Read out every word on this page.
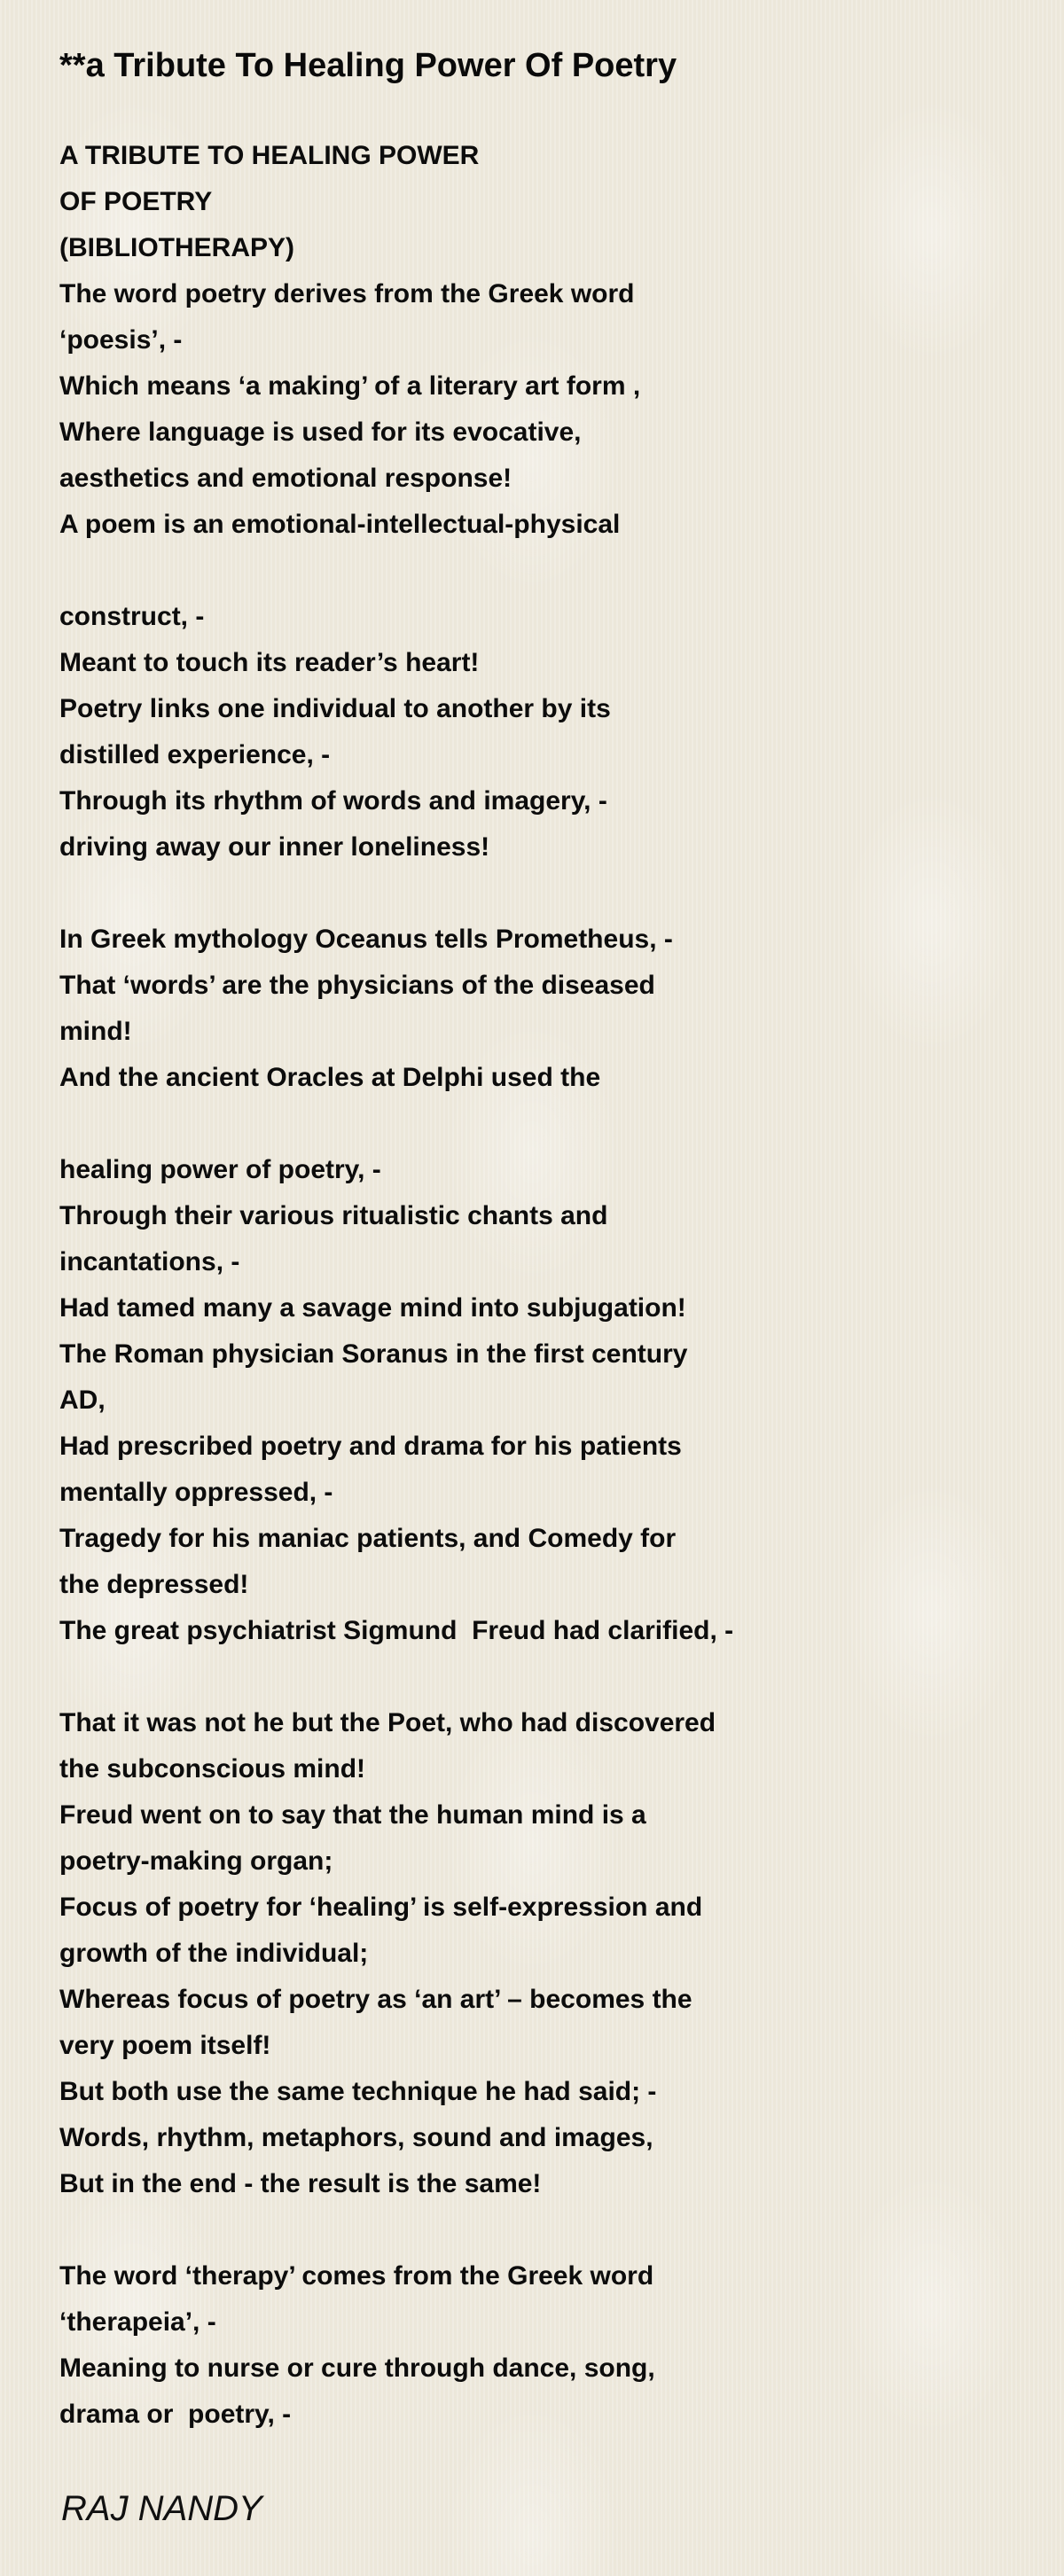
**a Tribute To Healing Power Of Poetry
A TRIBUTE TO HEALING POWER
OF POETRY
(BIBLIOTHERAPY)
The word poetry derives from the Greek word
‘poesis’, -
Which means ‘a making’ of a literary art form ,
Where language is used for its evocative,
aesthetics and emotional response!
A poem is an emotional-intellectual-physical
construct, -
Meant to touch its reader’s heart!
Poetry links one individual to another by its
distilled experience, -
Through its rhythm of words and imagery, -
driving away our inner loneliness!
In Greek mythology Oceanus tells Prometheus, -
That ‘words’ are the physicians of the diseased
mind!
And the ancient Oracles at Delphi used the
healing power of poetry, -
Through their various ritualistic chants and
incantations, -
Had tamed many a savage mind into subjugation!
The Roman physician Soranus in the first century
AD,
Had prescribed poetry and drama for his patients
mentally oppressed, -
Tragedy for his maniac patients, and Comedy for
the depressed!
The great psychiatrist Sigmund  Freud had clarified, -
That it was not he but the Poet, who had discovered
the subconscious mind!
Freud went on to say that the human mind is a
poetry-making organ;
Focus of poetry for ‘healing’ is self-expression and
growth of the individual;
Whereas focus of poetry as ‘an art’ – becomes the
very poem itself!
But both use the same technique he had said; -
Words, rhythm, metaphors, sound and images,
But in the end - the result is the same!
The word ‘therapy’ comes from the Greek word
‘therapeia’, -
Meaning to nurse or cure through dance, song,
drama or  poetry, -
RAJ NANDY
